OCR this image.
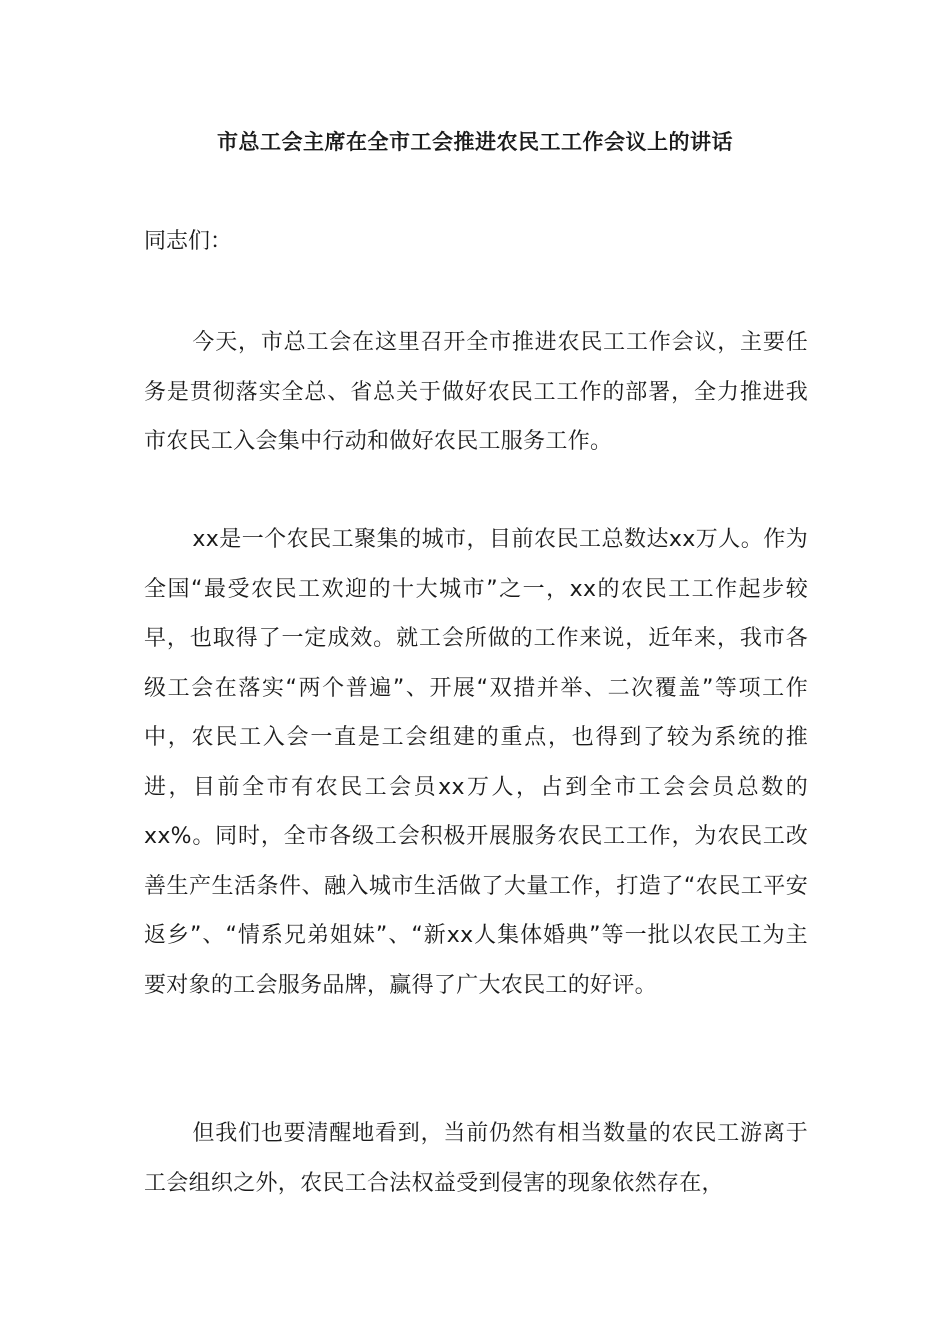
市总工会主席在全市工会推进农民工工作会议上的讲话
同志们：

今天，市总工会在这里召开全市推进农民工工作会议，主要任务是贯彻落实全总、省总关于做好农民工工作的部署，全力推进我市农民工入会集中行动和做好农民工服务工作。

xx是一个农民工聚集的城市，目前农民工总数达xx万人。作为全国“最受农民工欢迎的十大城市”之一，xx的农民工工作起步较早，也取得了一定成效。就工会所做的工作来说，近年来，我市各级工会在落实“两个普遍”、开展“双措并举、二次覆盖”等项工作中，农民工入会一直是工会组建的重点，也得到了较为系统的推进，目前全市有农民工会员xx万人，占到全市工会会员总数的xx%。同时，全市各级工会积极开展服务农民工工作，为农民工改善生产生活条件、融入城市生活做了大量工作，打造了“农民工平安返乡”、“情系兄弟姐妹”、“新xx人集体婚典”等一批以农民工为主要对象的工会服务品牌，赢得了广大农民工的好评。

但我们也要清醒地看到，当前仍然有相当数量的农民工游离于工会组织之外，农民工合法权益受到侵害的现象依然存在，
